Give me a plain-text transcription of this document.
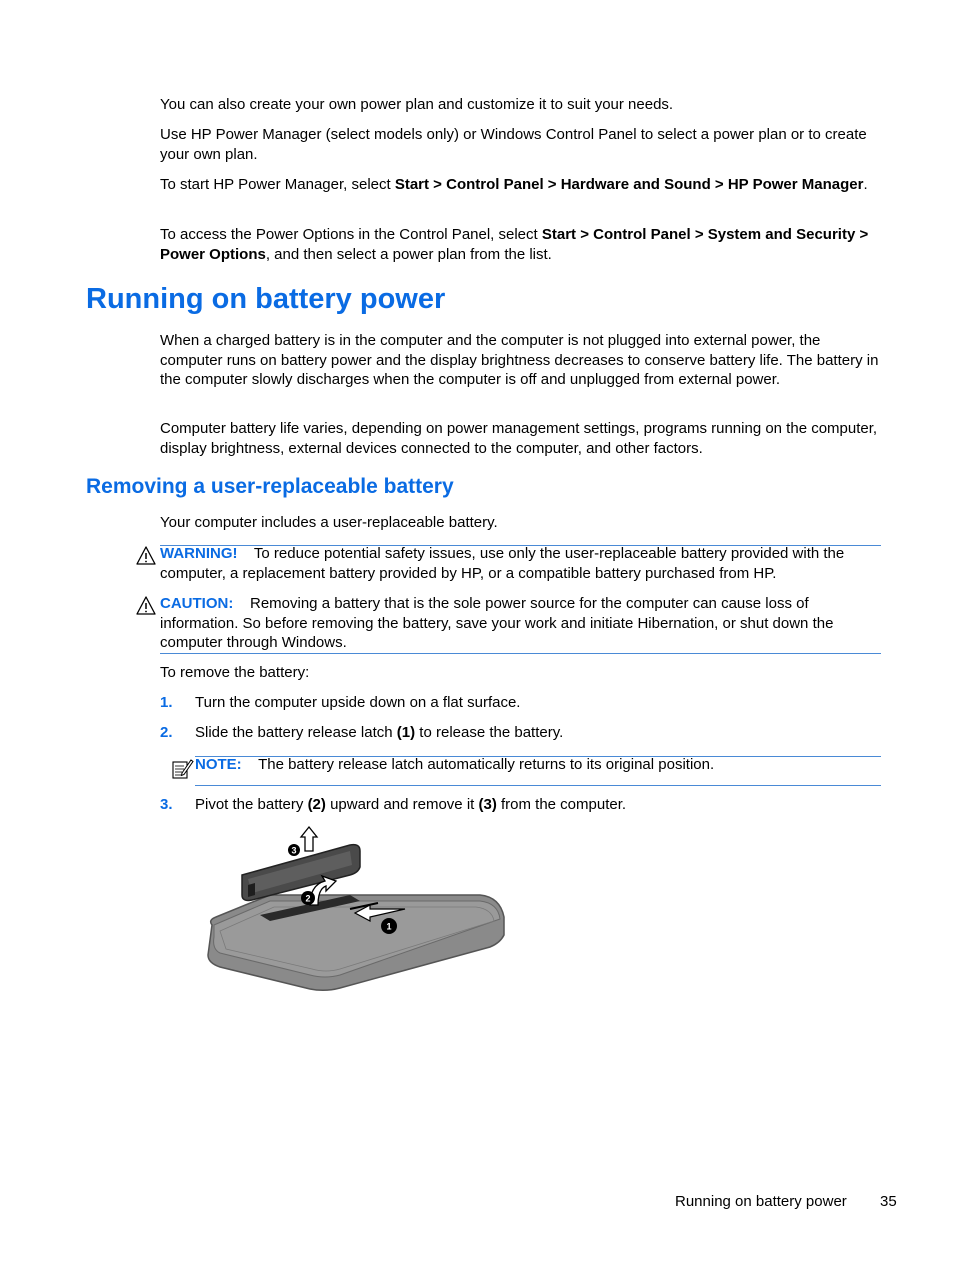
You can also create your own power plan and customize it to suit your needs.

Use HP Power Manager (select models only) or Windows Control Panel to select a power plan or to create your own plan.

To start HP Power Manager, select Start > Control Panel > Hardware and Sound > HP Power Manager.

To access the Power Options in the Control Panel, select Start > Control Panel > System and Security > Power Options, and then select a power plan from the list.

Running on battery power

When a charged battery is in the computer and the computer is not plugged into external power, the computer runs on battery power and the display brightness decreases to conserve battery life. The battery in the computer slowly discharges when the computer is off and unplugged from external power.

Computer battery life varies, depending on power management settings, programs running on the computer, display brightness, external devices connected to the computer, and other factors.

Removing a user-replaceable battery

Your computer includes a user-replaceable battery.

WARNING! To reduce potential safety issues, use only the user-replaceable battery provided with the computer, a replacement battery provided by HP, or a compatible battery purchased from HP.

CAUTION: Removing a battery that is the sole power source for the computer can cause loss of information. So before removing the battery, save your work and initiate Hibernation, or shut down the computer through Windows.

To remove the battery:

1. Turn the computer upside down on a flat surface.
2. Slide the battery release latch (1) to release the battery.

NOTE: The battery release latch automatically returns to its original position.

3. Pivot the battery (2) upward and remove it (3) from the computer.
3
2
1
Running on battery power 35
